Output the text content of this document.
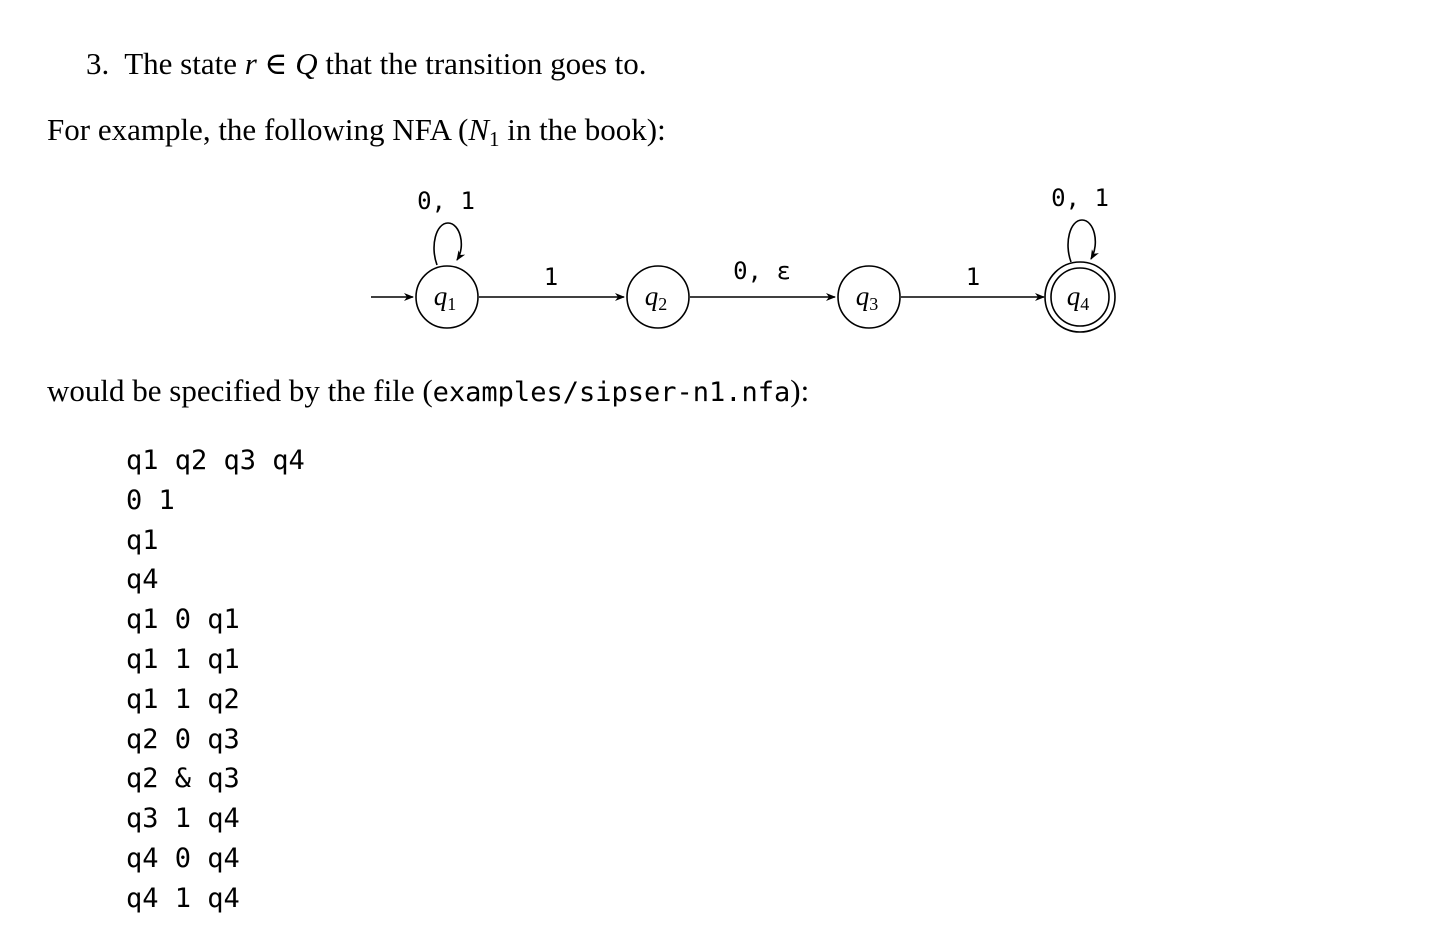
3. The state r ∈ Q that the transition goes to.
For example, the following NFA ($N_1$ in the book):
1	0, ε	1
0, 1	0, 1
q1	q2	q3	q4
would be specified by the file (examples/sipser-n1.nfa):
q1 q2 q3 q4
0 1
q1
q4
q1 0 q1
q1 1 q1
q1 1 q2
q2 0 q3
q2 & q3
q3 1 q4
q4 0 q4
q4 1 q4
